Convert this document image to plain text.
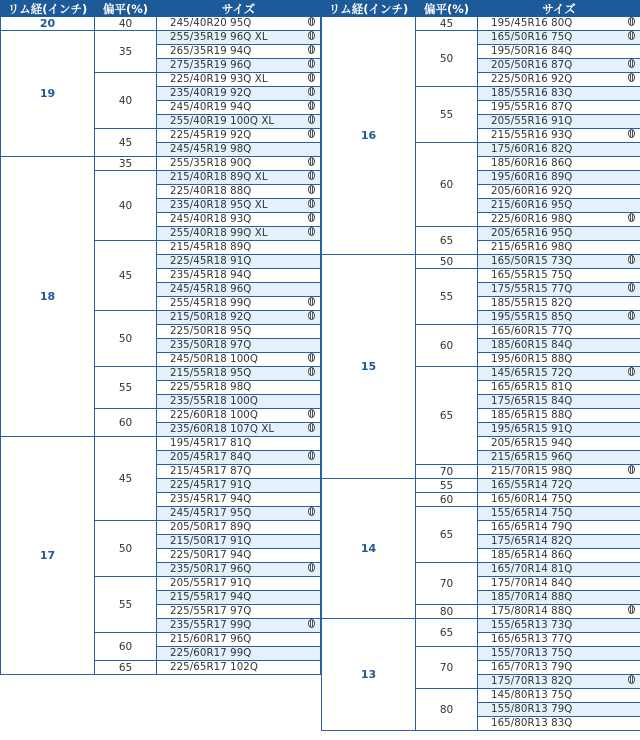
リム経(インチ)	偏平(%)	サイズ
20	40	245/40R20 95Q

19	35	255/35R19 96Q XL

		265/35R19 94Q

		275/35R19 96Q

	40	225/40R19 93Q XL

		235/40R19 92Q

		245/40R19 94Q

		255/40R19 100Q XL

	45	225/45R19 92Q

		245/45R19 98Q
18	35	255/35R18 90Q

	40	215/40R18 89Q XL

		225/40R18 88Q

		235/40R18 95Q XL

		245/40R18 93Q

		255/40R18 99Q XL

	45	215/45R18 89Q
		225/45R18 91Q
		235/45R18 94Q
		245/45R18 96Q
		255/45R18 99Q

	50	215/50R18 92Q

		225/50R18 95Q
		235/50R18 97Q
		245/50R18 100Q

	55	215/55R18 95Q

		225/55R18 98Q
		235/55R18 100Q
	60	225/60R18 100Q

		235/60R18 107Q XL

17	45	195/45R17 81Q
		205/45R17 84Q

		215/45R17 87Q
		225/45R17 91Q
		235/45R17 94Q
		245/45R17 95Q

	50	205/50R17 89Q
		215/50R17 91Q
		225/50R17 94Q
		235/50R17 96Q

	55	205/55R17 91Q
		215/55R17 94Q
		225/55R17 97Q
		235/55R17 99Q

	60	215/60R17 96Q
		225/60R17 99Q
	65	225/65R17 102Q
リム経(インチ)	偏平(%)	サイズ
16	45	195/45R16 80Q

	50	165/50R16 75Q

		195/50R16 84Q
		205/50R16 87Q

		225/50R16 92Q

	55	185/55R16 83Q
		195/55R16 87Q
		205/55R16 91Q
		215/55R16 93Q

	60	175/60R16 82Q
		185/60R16 86Q
		195/60R16 89Q
		205/60R16 92Q
		215/60R16 95Q
		225/60R16 98Q

	65	205/65R16 95Q
		215/65R16 98Q
15	50	165/50R15 73Q

	55	165/55R15 75Q
		175/55R15 77Q

		185/55R15 82Q
		195/55R15 85Q

	60	165/60R15 77Q
		185/60R15 84Q
		195/60R15 88Q
	65	145/65R15 72Q

		165/65R15 81Q
		175/65R15 84Q
		185/65R15 88Q
		195/65R15 91Q
		205/65R15 94Q
		215/65R15 96Q
	70	215/70R15 98Q

14	55	165/55R14 72Q
	60	165/60R14 75Q
	65	155/65R14 75Q
		165/65R14 79Q
		175/65R14 82Q
		185/65R14 86Q
	70	165/70R14 81Q
		175/70R14 84Q
		185/70R14 88Q
	80	175/80R14 88Q

13	65	155/65R13 73Q
		165/65R13 77Q
	70	155/70R13 75Q
		165/70R13 79Q
		175/70R13 82Q

	80	145/80R13 75Q
		155/80R13 79Q
		165/80R13 83Q
